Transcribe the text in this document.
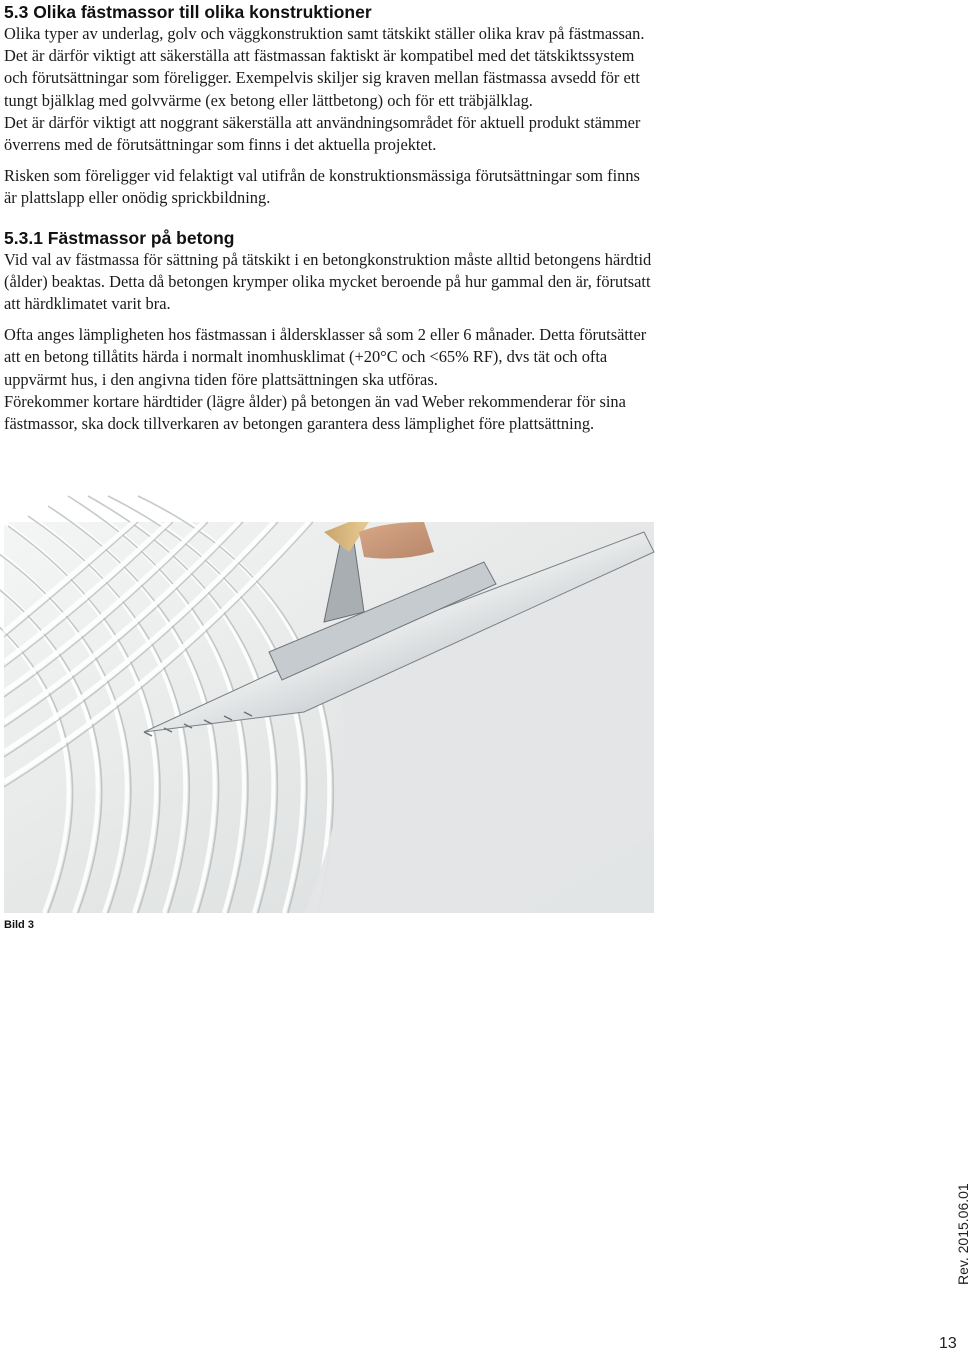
5.3 Olika fästmassor till olika konstruktioner

Olika typer av underlag, golv och väggkonstruktion samt tätskikt ställer olika krav på fästmassan. Det är därför viktigt att säkerställa att fästmassan faktiskt är kompatibel med det tätskiktssystem och förutsättningar som föreligger. Exempelvis skiljer sig kraven mellan fästmassa avsedd för ett tungt bjälklag med golvvärme (ex betong eller lättbetong) och för ett träbjälklag.

Det är därför viktigt att noggrant säkerställa att användningsområdet för aktuell produkt stämmer överrens med de förutsättningar som finns i det aktuella projektet.

Risken som föreligger vid felaktigt val utifrån de konstruktionsmässiga förutsättningar som finns är plattslapp eller onödig sprickbildning.

5.3.1 Fästmassor på betong

Vid val av fästmassa för sättning på tätskikt i en betongkonstruktion måste alltid betongens härdtid (ålder) beaktas. Detta då betongen krymper olika mycket beroende på hur gammal den är, förutsatt att härdklimatet varit bra.

Ofta anges lämpligheten hos fästmassan i åldersklasser så som 2 eller 6 månader. Detta förutsätter att en betong tillåtits härda i normalt inomhusklimat (+20°C och <65% RF), dvs tät och ofta uppvärmt hus, i den angivna tiden före plattsättningen ska utföras.

Förekommer kortare härdtider (lägre ålder) på betongen än vad Weber rekommenderar för sina fästmassor, ska dock tillverkaren av betongen garantera dess lämplighet före plattsättning.

Bild 3
Rev. 2015.06.01
13
